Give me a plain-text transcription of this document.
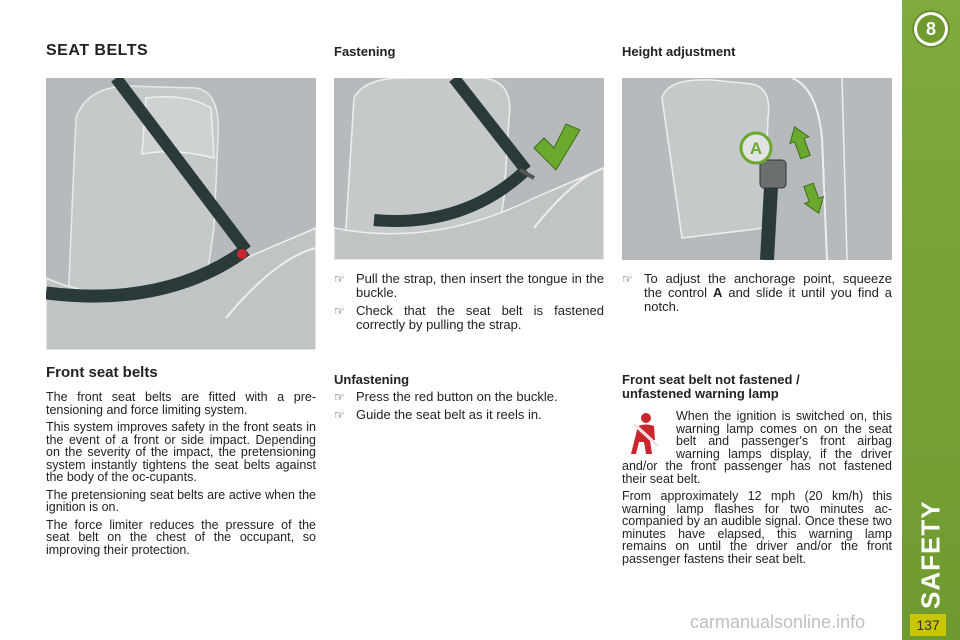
8
SAFETY
137
SEAT BELTS
Front seat belts

The front seat belts are fitted with a pre-tensioning and force limiting system.

This system improves safety in the front seats in the event of a front or side impact. Depending on the severity of the impact, the pretensioning system instantly tightens the seat belts against the body of the oc-cupants.

The pretensioning seat belts are active when the ignition is on.

The force limiter reduces the pressure of the seat belt on the chest of the occupant, so improving their protection.

Fastening
☞ Pull the strap, then insert the tongue in the buckle.
☞ Check that the seat belt is fastened correctly by pulling the strap.
Unfastening
☞ Press the red button on the buckle.
☞ Guide the seat belt as it reels in.
Height adjustment
A
☞ To adjust the anchorage point, squeeze the control A and slide it until you find a notch.
Front seat belt not fastened / unfastened warning lamp

When the ignition is switched on, this warning lamp comes on on the seat belt and passenger's front airbag warning lamps display, if the driver and/or the front passenger has not fastened their seat belt.

From approximately 12 mph (20 km/h) this warning lamp flashes for two minutes ac-companied by an audible signal. Once these two minutes have elapsed, this warning lamp remains on until the driver and/or the front passenger fastens their seat belt.

carmanualsonline.info
